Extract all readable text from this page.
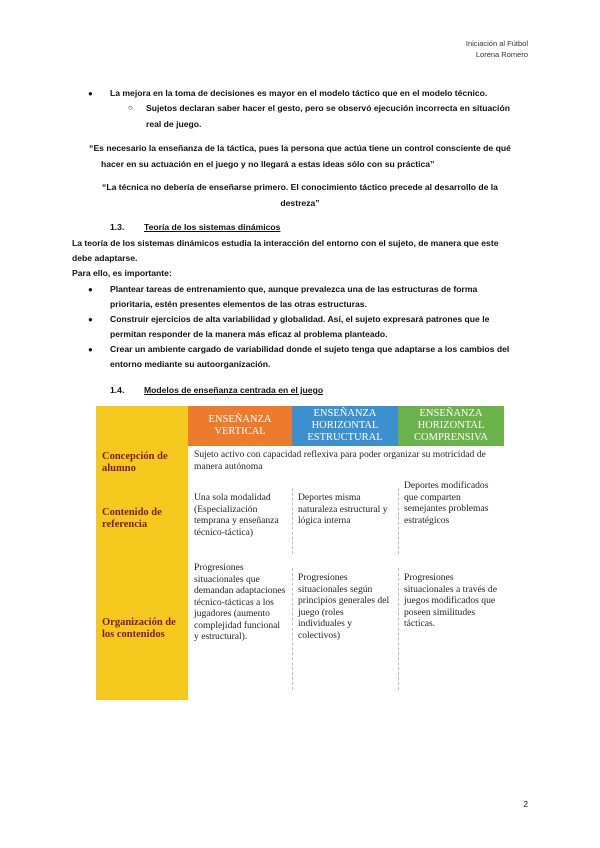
Iniciación al Fútbol
Lorena Romero
● La mejora en la toma de decisiones es mayor en el modelo táctico que en el modelo técnico.
○ Sujetos declaran saber hacer el gesto, pero se observó ejecución incorrecta en situación
real de juego.
“Es necesario la enseñanza de la táctica, pues la persona que actúa tiene un control consciente de qué
hacer en su actuación en el juego y no llegará a estas ideas sólo con su práctica”
“La técnica no debería de enseñarse primero. El conocimiento táctico precede al desarrollo de la
destreza”
1.3. Teoría de los sistemas dinámicos
La teoría de los sistemas dinámicos estudia la interacción del entorno con el sujeto, de manera que este
debe adaptarse.
Para ello, es importante:
● Plantear tareas de entrenamiento que, aunque prevalezca una de las estructuras de forma
prioritaria, estén presentes elementos de las otras estructuras.
● Construir ejercicios de alta variabilidad y globalidad. Así, el sujeto expresará patrones que le
permitan responder de la manera más eficaz al problema planteado.
● Crear un ambiente cargado de variabilidad donde el sujeto tenga que adaptarse a los cambios del
entorno mediante su autoorganización.
1.4. Modelos de enseñanza centrada en el juego
ENSEÑANZA VERTICAL
ENSEÑANZA HORIZONTAL ESTRUCTURAL
ENSEÑANZA HORIZONTAL COMPRENSIVA
Concepción de alumno
Sujeto activo con capacidad reflexiva para poder organizar su motricidad de manera autónoma
Contenido de referencia
Una sola modalidad (Especialización temprana y enseñanza técnico-táctica)
Deportes misma naturaleza estructural y lógica interna
Deportes modificados que comparten semejantes problemas estratégicos
Organización de los contenidos
Progresiones situacionales que demandan adaptaciones técnico-tácticas a los jugadores (aumento complejidad funcional y estructural).
Progresiones situacionales según principios generales del juego (roles individuales y colectivos)
Progresiones situacionales a través de juegos modificados que poseen similitudes tácticas.
2
